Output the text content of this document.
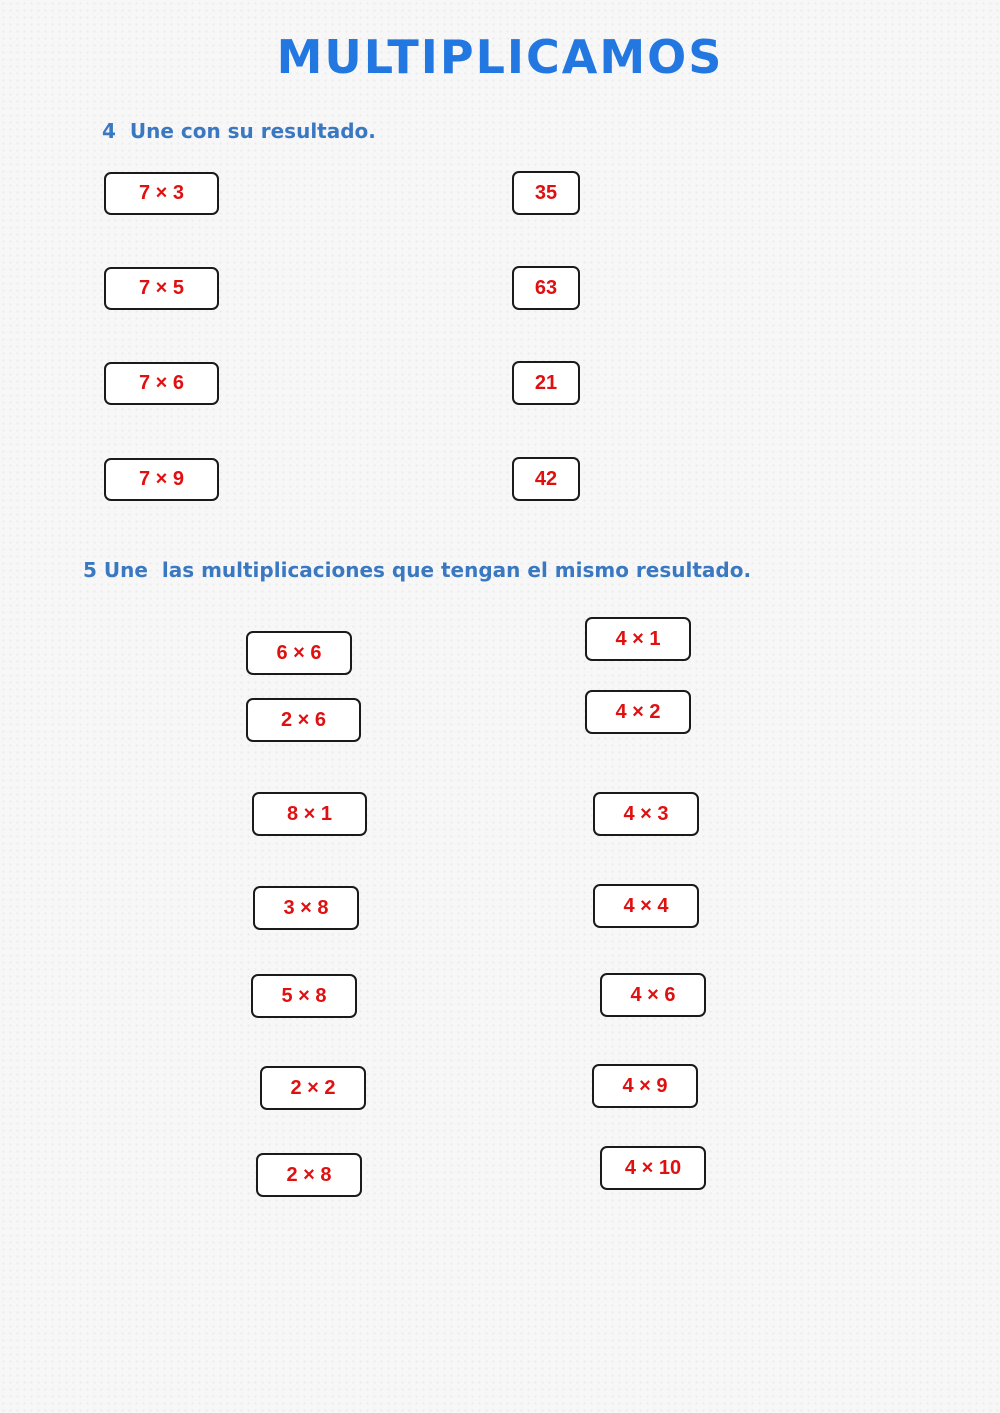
MULTIPLICAMOS
4  Une con su resultado.
7 × 3
7 × 5
7 × 6
7 × 9
35
63
21
42
5 Une  las multiplicaciones que tengan el mismo resultado.
6 × 6
2 × 6
8 × 1
3 × 8
5 × 8
2 × 2
2 × 8
4 × 1
4 × 2
4 × 3
4 × 4
4 × 6
4 × 9
4 × 10
